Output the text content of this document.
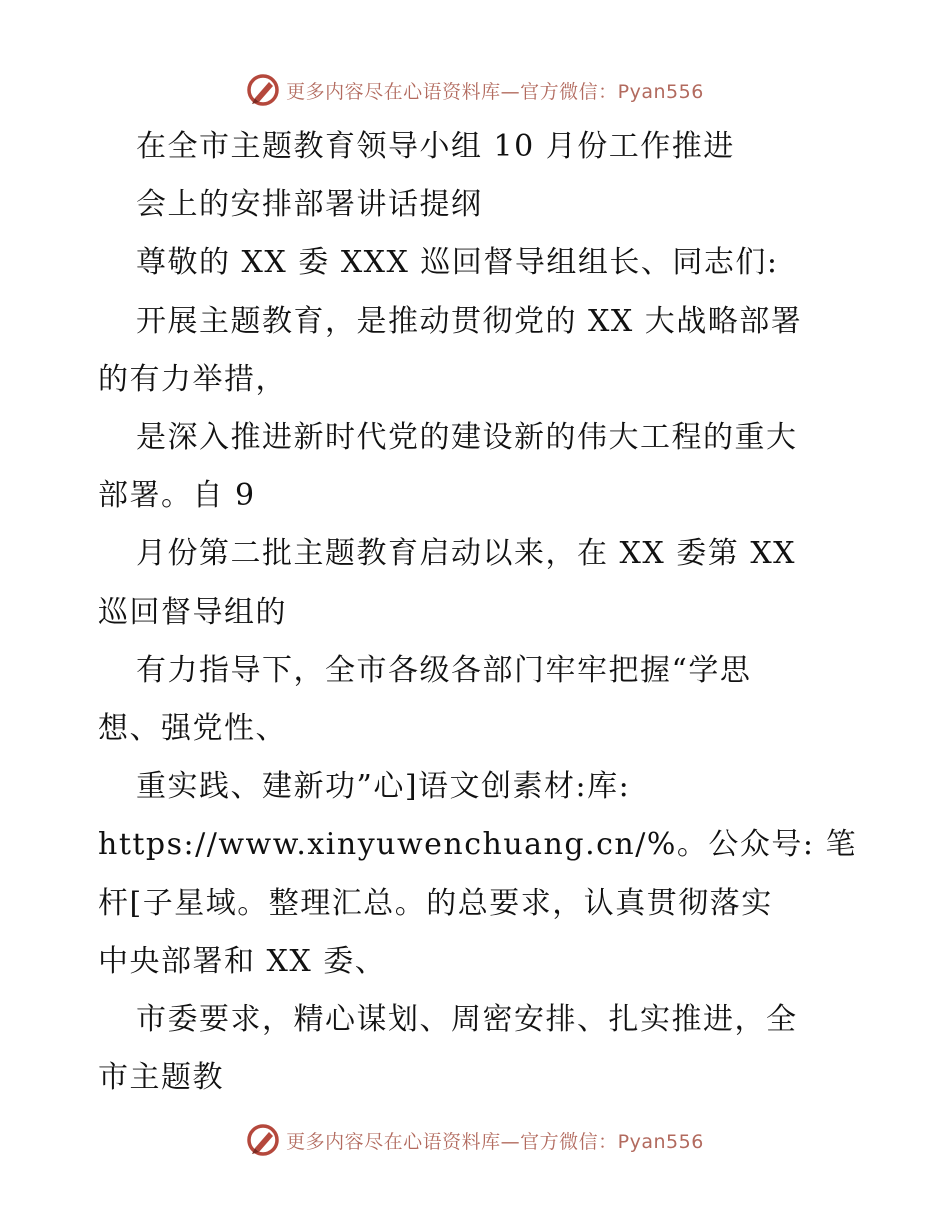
更多内容尽在心语资料库—官方微信：Pyan556

在全市主题教育领导小组 10 月份工作推进

会上的安排部署讲话提纲

尊敬的 XX 委 XXX 巡回督导组组长、同志们:

开展主题教育，是推动贯彻党的 XX 大战略部署
的有力举措，

是深入推进新时代党的建设新的伟大工程的重大
部署。自 9

月份第二批主题教育启动以来，在 XX 委第 XX
巡回督导组的

有力指导下，全市各级各部门牢牢把握“学思
想、强党性、

重实践、建新功”心]语文创素材:库:
https://www.xinyuwenchuang.cn/%。公众号: 笔
杆[子星域。整理汇总。的总要求，认真贯彻落实
中央部署和 XX 委、

市委要求，精心谋划、周密安排、扎实推进，全
市主题教

更多内容尽在心语资料库—官方微信：Pyan556
